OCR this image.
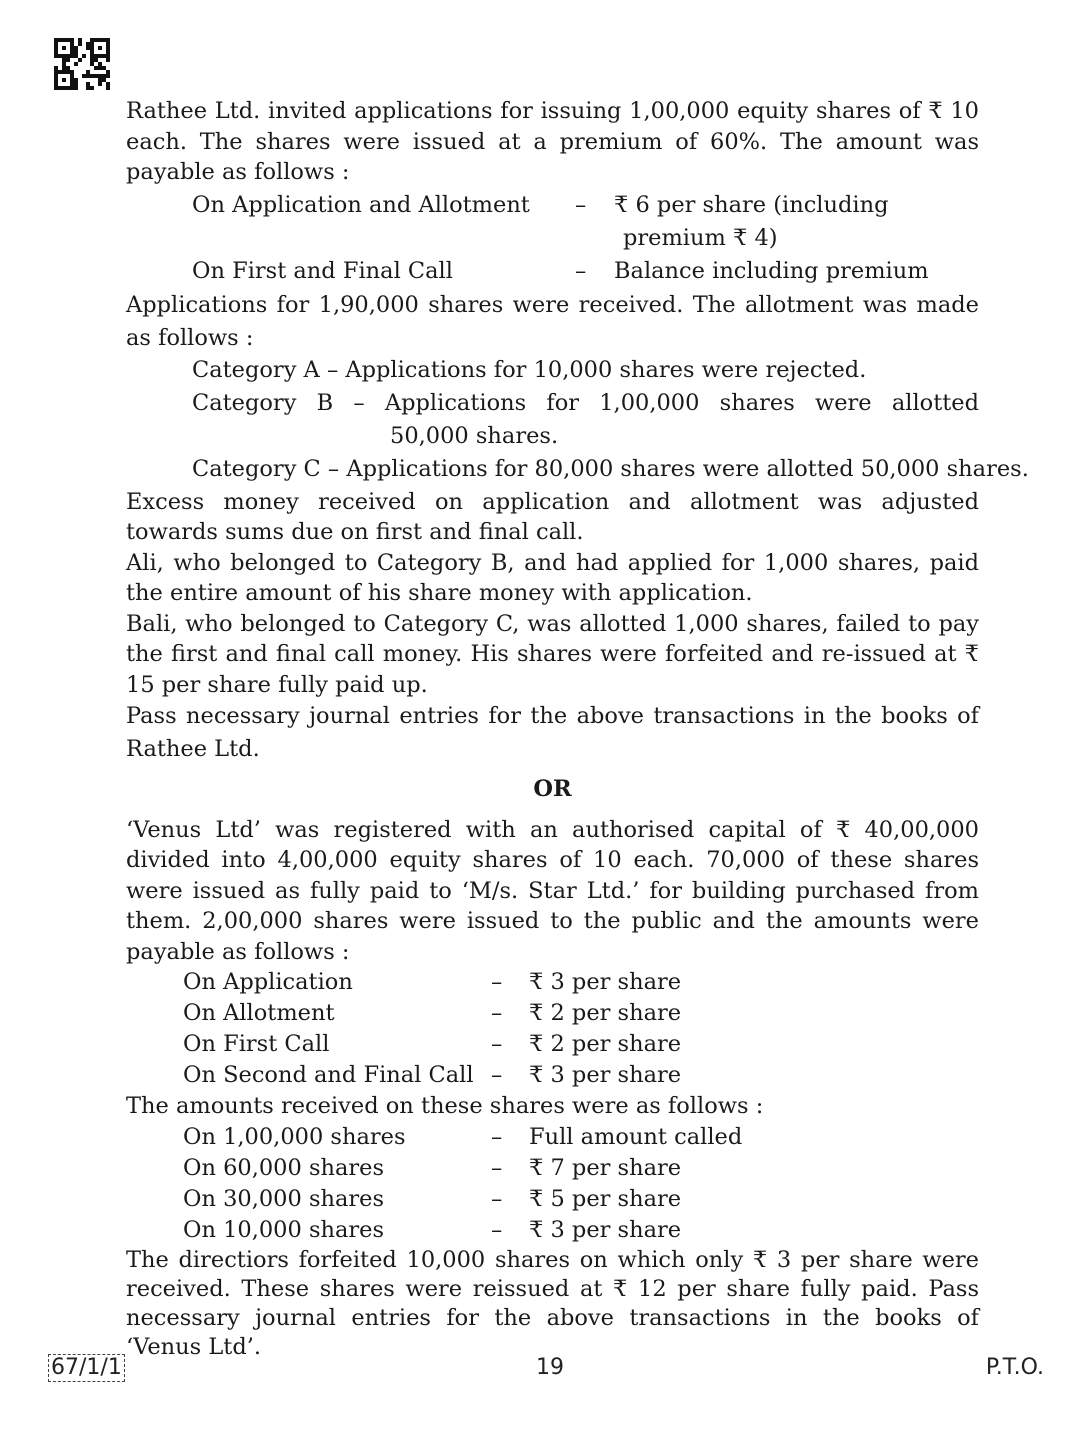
Rathee Ltd. invited applications for issuing 1,00,000 equity shares of ₹ 10 each. The shares were issued at a premium of 60%. The amount was payable as follows :

On Application and Allotment – ₹ 6 per share (including
premium ₹ 4)
On First and Final Call	– Balance including premium

Applications for 1,90,000 shares were received. The allotment was made as follows :

Category A – Applications for 10,000 shares were rejected.
Category B – Applications for 1,00,000 shares were allotted
50,000 shares.
Category C – Applications for 80,000 shares were allotted 50,000 shares.

Excess money received on application and allotment was adjusted towards sums due on first and final call.

Ali, who belonged to Category B, and had applied for 1,000 shares, paid the entire amount of his share money with application.

Bali, who belonged to Category C, was allotted 1,000 shares, failed to pay the first and final call money. His shares were forfeited and re-issued at ₹ 15 per share fully paid up.

Pass necessary journal entries for the above transactions in the books of Rathee Ltd.

OR

‘Venus Ltd’ was registered with an authorised capital of ₹ 40,00,000 divided into 4,00,000 equity shares of 10 each. 70,000 of these shares were issued as fully paid to ‘M/s. Star Ltd.’ for building purchased from them. 2,00,000 shares were issued to the public and the amounts were payable as follows :

On Application	– ₹ 3 per share
On Allotment	– ₹ 2 per share
On First Call	– ₹ 2 per share
On Second and Final Call – ₹ 3 per share

The amounts received on these shares were as follows :

On 1,00,000 shares	– Full amount called
On 60,000 shares	– ₹ 7 per share
On 30,000 shares	– ₹ 5 per share
On 10,000 shares	– ₹ 3 per share

The directiors forfeited 10,000 shares on which only ₹ 3 per share were received. These shares were reissued at ₹ 12 per share fully paid. Pass necessary journal entries for the above transactions in the books of ‘Venus Ltd’.

67/1/1	19	P.T.O.
